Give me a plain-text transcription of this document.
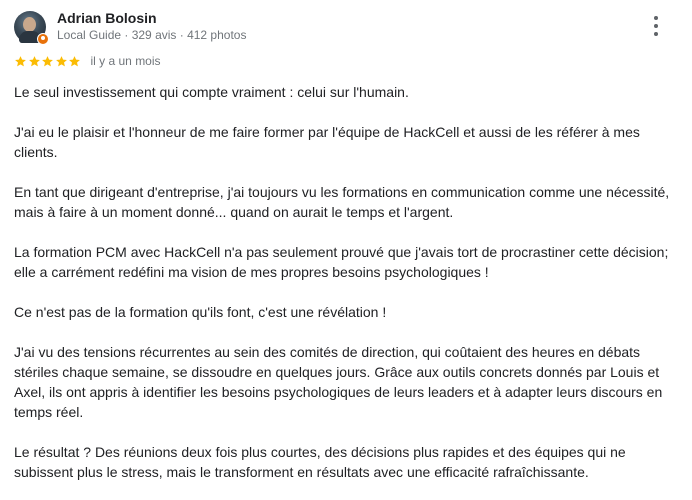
Adrian Bolosin
Local Guide · 329 avis · 412 photos
il y a un mois

Le seul investissement qui compte vraiment : celui sur l'humain.

J'ai eu le plaisir et l'honneur de me faire former par l'équipe de HackCell et aussi de les référer à mes clients.

En tant que dirigeant d'entreprise, j'ai toujours vu les formations en communication comme une nécessité, mais à faire à un moment donné... quand on aurait le temps et l'argent.

La formation PCM avec HackCell n'a pas seulement prouvé que j'avais tort de procrastiner cette décision; elle a carrément redéfini ma vision de mes propres besoins psychologiques !

Ce n'est pas de la formation qu'ils font, c'est une révélation !

J'ai vu des tensions récurrentes au sein des comités de direction, qui coûtaient des heures en débats stériles chaque semaine, se dissoudre en quelques jours. Grâce aux outils concrets donnés par Louis et Axel, ils ont appris à identifier les besoins psychologiques de leurs leaders et à adapter leurs discours en temps réel.

Le résultat ? Des réunions deux fois plus courtes, des décisions plus rapides et des équipes qui ne subissent plus le stress, mais le transforment en résultats avec une efficacité rafraîchissante.
